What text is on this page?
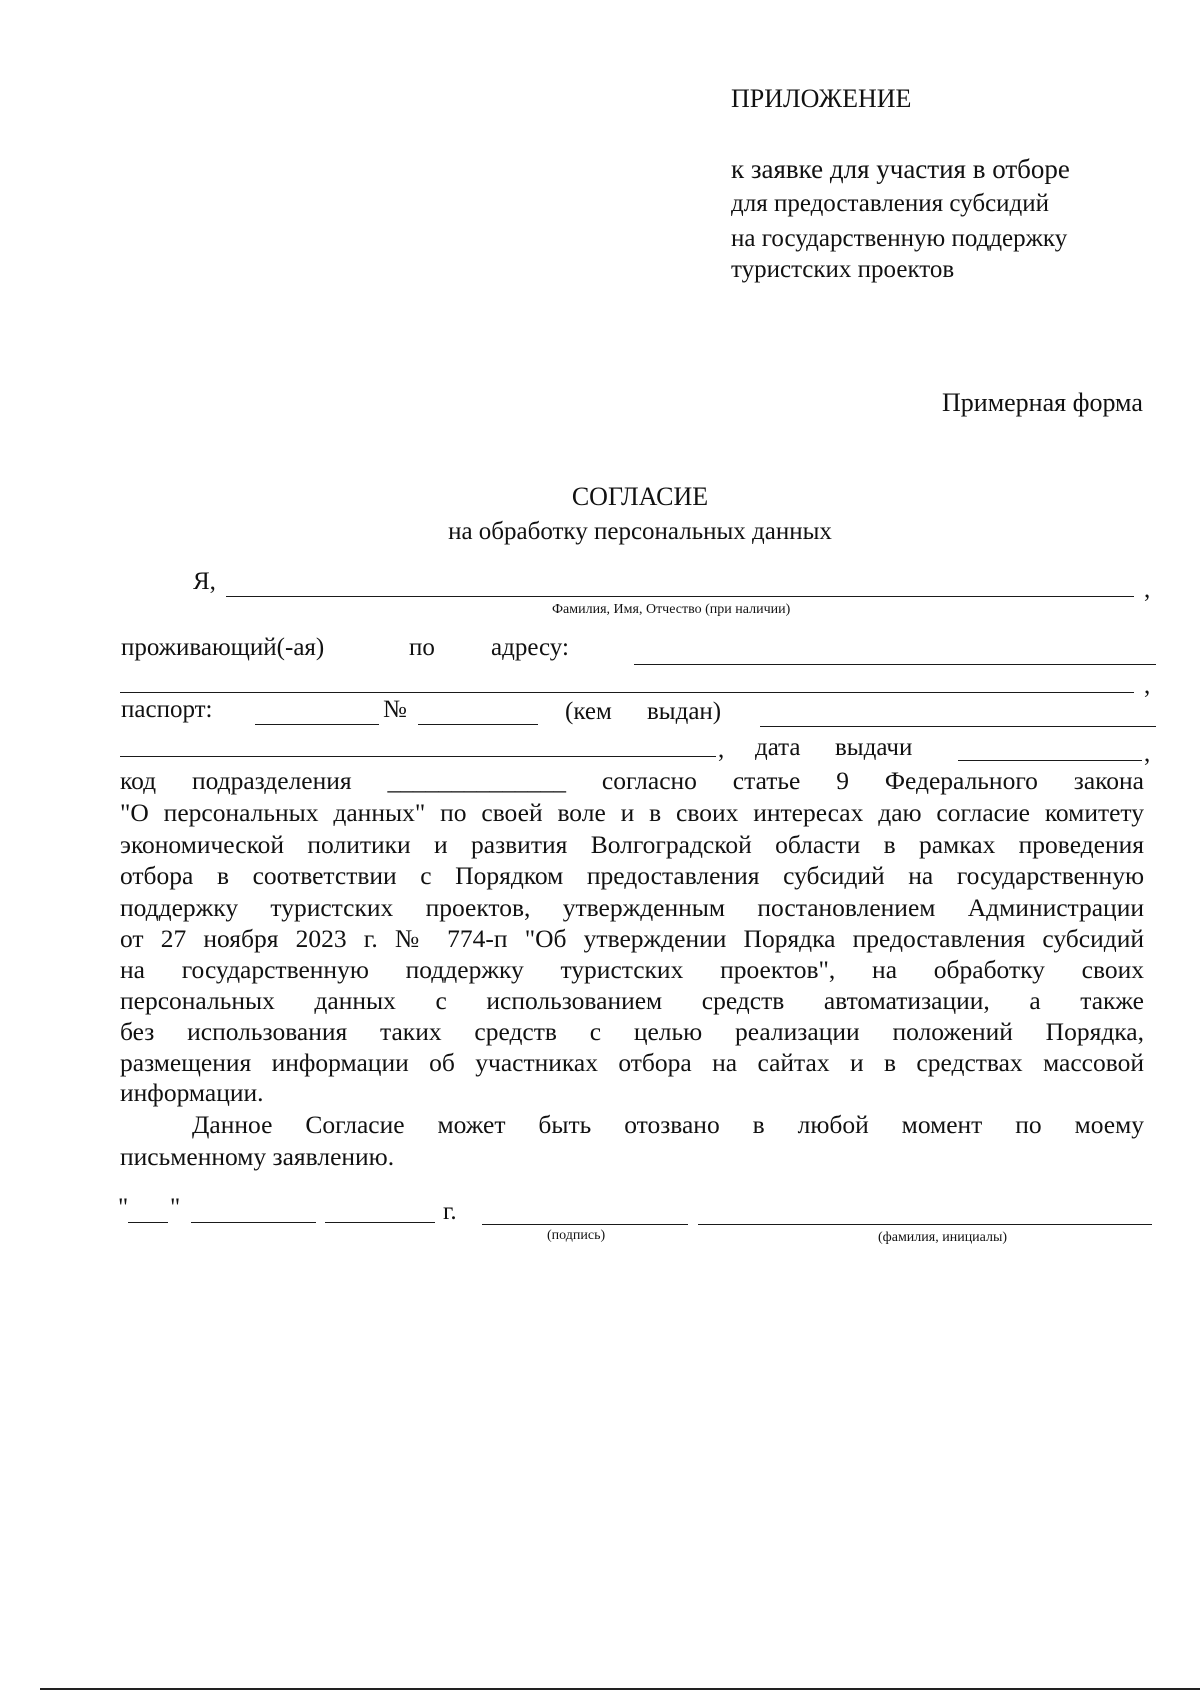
ПРИЛОЖЕНИЕ
к заявке для участия в отборе
для предоставления субсидий
на государственную поддержку
туристских проектов
Примерная форма
СОГЛАСИЕ
на обработку персональных данных
Я,	,
Фамилия, Имя, Отчество (при наличии)
проживающий(-ая)	по адресу:
,
паспорт:	№	(кем выдан)
, дата выдачи	,
код подразделения ______________ согласно статье 9 Федерального закона
"О персональных данных" по своей воле и в своих интересах даю согласие комитету
экономической политики и развития Волгоградской области в рамках проведения
отбора в соответствии с Порядком предоставления субсидий на государственную
поддержку туристских проектов, утвержденным постановлением Администрации
от 27 ноября 2023 г. № 774-п "Об утверждении Порядка предоставления субсидий
на государственную поддержку туристских проектов", на обработку своих
персональных данных с использованием средств автоматизации, а также
без использования таких средств с целью реализации положений Порядка,
размещения информации об участниках отбора на сайтах и в средствах массовой
информации.
Данное Согласие может быть отозвано в любой момент по моему
письменному заявлению.
" "	г.
(подпись)	(фамилия, инициалы)
